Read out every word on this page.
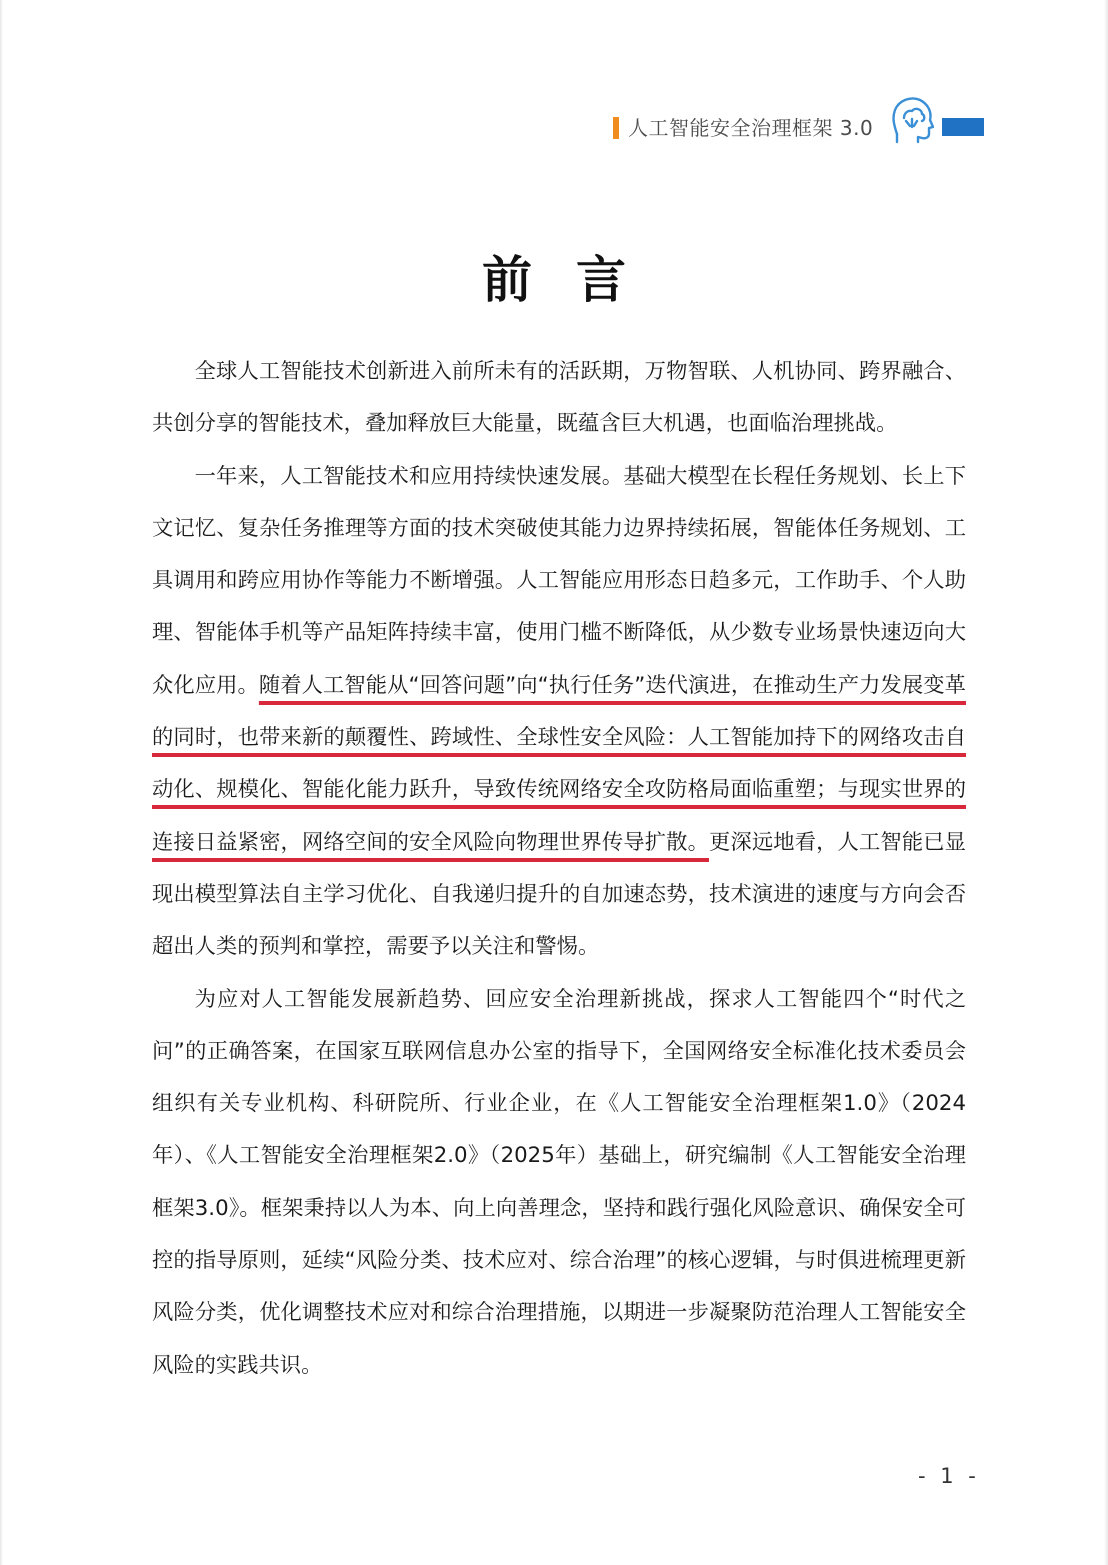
人工智能安全治理框架 3.0
前言

全球人工智能技术创新进入前所未有的活跃期，万物智联、人机协同、跨界融合、共创分享的智能技术，叠加释放巨大能量，既蕴含巨大机遇，也面临治理挑战。

一年来，人工智能技术和应用持续快速发展。基础大模型在长程任务规划、长上下文记忆、复杂任务推理等方面的技术突破使其能力边界持续拓展，智能体任务规划、工具调用和跨应用协作等能力不断增强。人工智能应用形态日趋多元，工作助手、个人助理、智能体手机等产品矩阵持续丰富，使用门槛不断降低，从少数专业场景快速迈向大众化应用。随着人工智能从“回答问题”向“执行任务”迭代演进，在推动生产力发展变革的同时，也带来新的颠覆性、跨域性、全球性安全风险：人工智能加持下的网络攻击自动化、规模化、智能化能力跃升，导致传统网络安全攻防格局面临重塑；与现实世界的连接日益紧密，网络空间的安全风险向物理世界传导扩散。更深远地看，人工智能已显现出模型算法自主学习优化、自我递归提升的自加速态势，技术演进的速度与方向会否超出人类的预判和掌控，需要予以关注和警惕。

为应对人工智能发展新趋势、回应安全治理新挑战，探求人工智能四个“时代之问”的正确答案，在国家互联网信息办公室的指导下，全国网络安全标准化技术委员会组织有关专业机构、科研院所、行业企业，在《人工智能安全治理框架1.0》（2024年）、《人工智能安全治理框架2.0》（2025年）基础上，研究编制《人工智能安全治理框架3.0》。框架秉持以人为本、向上向善理念，坚持和践行强化风险意识、确保安全可控的指导原则，延续“风险分类、技术应对、综合治理”的核心逻辑，与时俱进梳理更新风险分类，优化调整技术应对和综合治理措施，以期进一步凝聚防范治理人工智能安全风险的实践共识。

- 1 -
